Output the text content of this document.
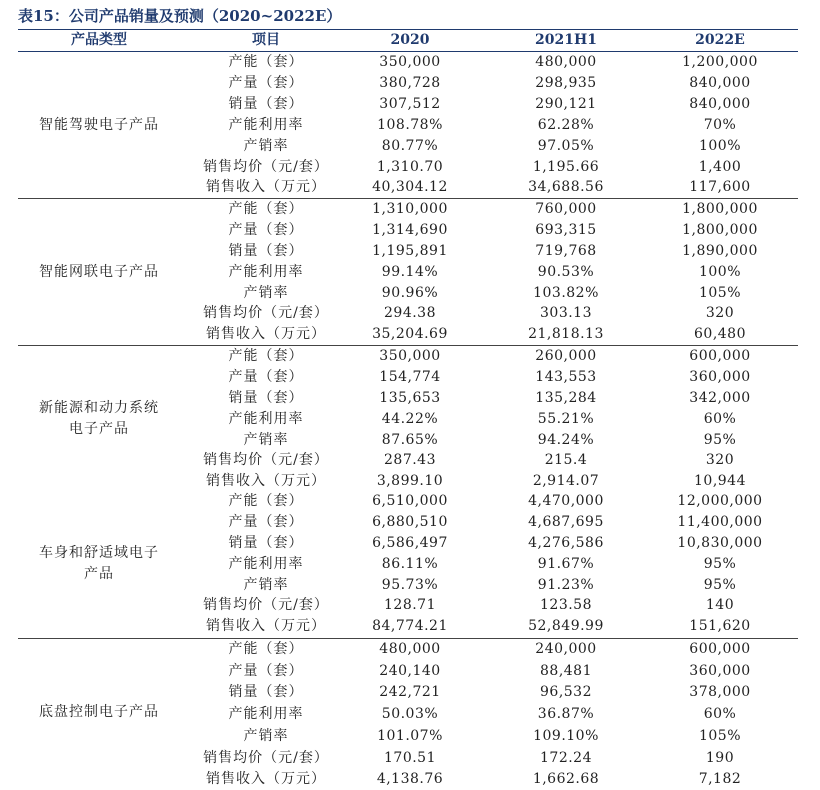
表15：公司产品销量及预测（2020~2022E）
产品类型	项目	2020	2021H1	2022E
智能驾驶电子产品
产能（套）	350,000	480,000	1,200,000
产量（套）	380,728	298,935	840,000
销量（套）	307,512	290,121	840,000
产能利用率	108.78%	62.28%	70%
产销率	80.77%	97.05%	100%
销售均价（元/套）	1,310.70	1,195.66	1,400
销售收入（万元）	40,304.12	34,688.56	117,600
智能网联电子产品
产能（套）	1,310,000	760,000	1,800,000
产量（套）	1,314,690	693,315	1,800,000
销量（套）	1,195,891	719,768	1,890,000
产能利用率	99.14%	90.53%	100%
产销率	90.96%	103.82%	105%
销售均价（元/套）	294.38	303.13	320
销售收入（万元）	35,204.69	21,818.13	60,480
新能源和动力系统
电子产品
产能（套）	350,000	260,000	600,000
产量（套）	154,774	143,553	360,000
销量（套）	135,653	135,284	342,000
产能利用率	44.22%	55.21%	60%
产销率	87.65%	94.24%	95%
销售均价（元/套）	287.43	215.4	320
销售收入（万元）	3,899.10	2,914.07	10,944
车身和舒适域电子
产品
产能（套）	6,510,000	4,470,000	12,000,000
产量（套）	6,880,510	4,687,695	11,400,000
销量（套）	6,586,497	4,276,586	10,830,000
产能利用率	86.11%	91.67%	95%
产销率	95.73%	91.23%	95%
销售均价（元/套）	128.71	123.58	140
销售收入（万元）	84,774.21	52,849.99	151,620
底盘控制电子产品
产能（套）	480,000	240,000	600,000
产量（套）	240,140	88,481	360,000
销量（套）	242,721	96,532	378,000
产能利用率	50.03%	36.87%	60%
产销率	101.07%	109.10%	105%
销售均价（元/套）	170.51	172.24	190
销售收入（万元）	4,138.76	1,662.68	7,182
